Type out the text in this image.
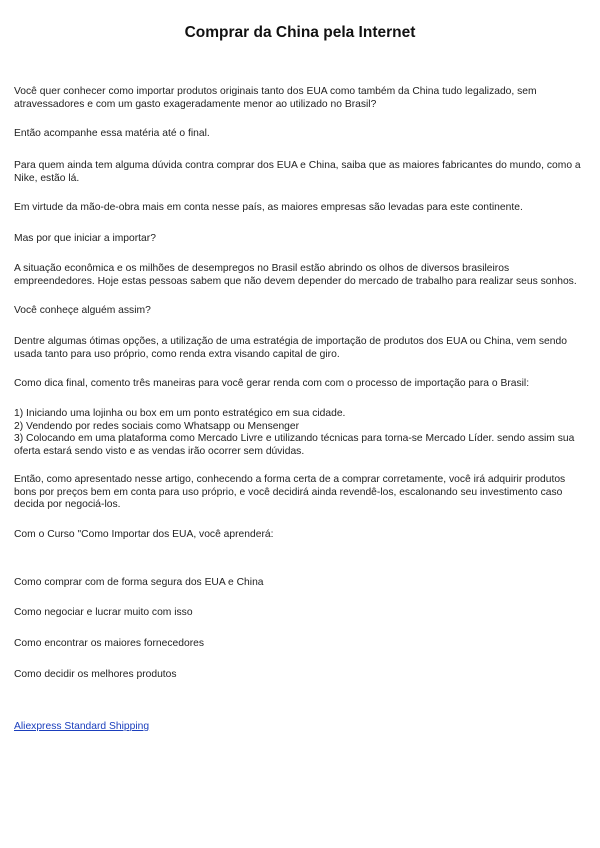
Comprar da China pela Internet

Você quer conhecer como importar produtos originais tanto dos EUA como também da China tudo legalizado, sem atravessadores e com um gasto exageradamente menor ao utilizado no Brasil?

Então acompanhe essa matéria até o final.

Para quem ainda tem alguma dúvida contra comprar dos EUA e China, saiba que as maiores fabricantes do mundo, como a Nike, estão lá.

Em virtude da mão-de-obra mais em conta nesse país, as maiores empresas são levadas para este continente.

Mas por que iniciar a importar?

A situação econômica e os milhões de desempregos no Brasil estão abrindo os olhos de diversos brasileiros empreendedores. Hoje estas pessoas sabem que não devem depender do mercado de trabalho para realizar seus sonhos.

Você conheçe alguém assim?

Dentre algumas ótimas opções, a utilização de uma estratégia de importação de produtos dos EUA ou China, vem sendo usada tanto para uso próprio, como renda extra visando capital de giro.

Como dica final, comento três maneiras para você gerar renda com com o processo de importação para o Brasil:

1) Iniciando uma lojinha ou box em um ponto estratégico em sua cidade.
2) Vendendo por redes sociais como Whatsapp ou Mensenger
3) Colocando em uma plataforma como Mercado Livre e utilizando técnicas para torna-se Mercado Líder. sendo assim sua oferta estará sendo visto e as vendas irão ocorrer sem dúvidas.

Então, como apresentado nesse artigo, conhecendo a forma certa de a comprar corretamente, você irá adquirir produtos bons por preços bem em conta para uso próprio, e você decidirá ainda revendê-los, escalonando seu investimento caso decida por negociá-los.

Com o Curso "Como Importar dos EUA, você aprenderá:

Como comprar com de forma segura dos EUA e China

Como negociar e lucrar muito com isso

Como encontrar os maiores fornecedores

Como decidir os melhores produtos

Aliexpress Standard Shipping
